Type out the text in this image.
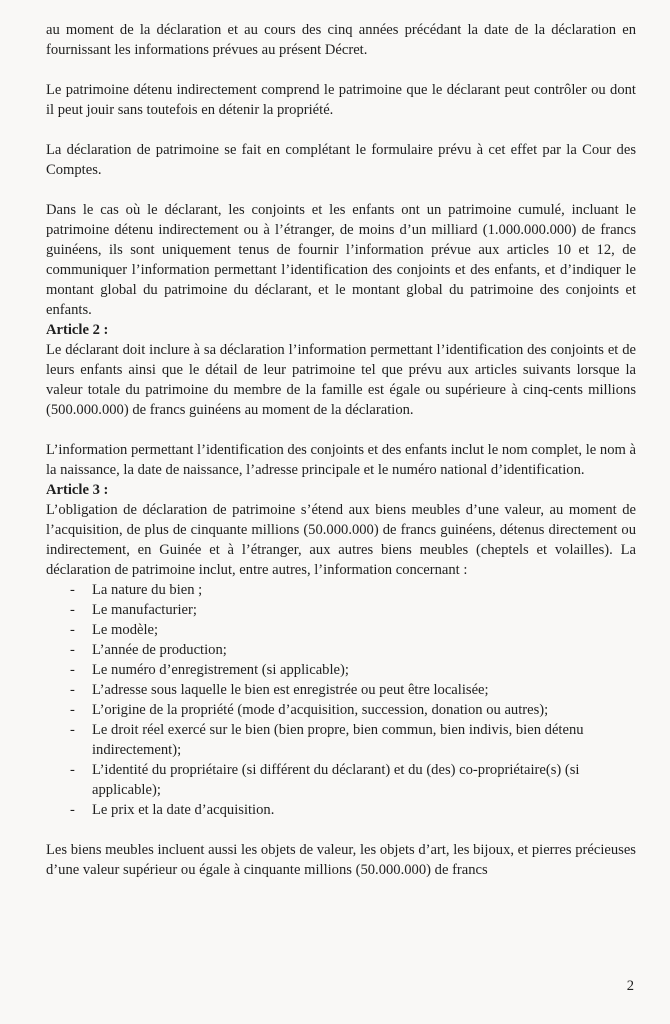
au moment de la déclaration et au cours des cinq années précédant la date de la déclaration en fournissant les informations prévues au présent Décret.

Le patrimoine détenu indirectement comprend le patrimoine que le déclarant peut contrôler ou dont il peut jouir sans toutefois en détenir la propriété.

La déclaration de patrimoine se fait en complétant le formulaire prévu à cet effet par la Cour des Comptes.

Dans le cas où le déclarant, les conjoints et les enfants ont un patrimoine cumulé, incluant le patrimoine détenu indirectement ou à l’étranger, de moins d’un milliard (1.000.000.000) de francs guinéens, ils sont uniquement tenus de fournir l’information prévue aux articles 10 et 12, de communiquer l’information permettant l’identification des conjoints et des enfants, et d’indiquer le montant global du patrimoine du déclarant, et le montant global du patrimoine des conjoints et enfants.

Article 2 :

Le déclarant doit inclure à sa déclaration l’information permettant l’identification des conjoints et de leurs enfants ainsi que le détail de leur patrimoine tel que prévu aux articles suivants lorsque la valeur totale du patrimoine du membre de la famille est égale ou supérieure à cinq-cents millions (500.000.000) de francs guinéens au moment de la déclaration.

L’information permettant l’identification des conjoints et des enfants inclut le nom complet, le nom à la naissance, la date de naissance, l’adresse principale et le numéro national d’identification.

Article 3 :

L’obligation de déclaration de patrimoine s’étend aux biens meubles d’une valeur, au moment de l’acquisition, de plus de cinquante millions (50.000.000) de francs guinéens, détenus directement ou indirectement, en Guinée et à l’étranger, aux autres biens meubles (cheptels et volailles). La déclaration de patrimoine inclut, entre autres, l’information concernant :

- La nature du bien ;
- Le manufacturier;
- Le modèle;
- L’année de production;
- Le numéro d’enregistrement (si applicable);
- L’adresse sous laquelle le bien est enregistrée ou peut être localisée;
- L’origine de la propriété (mode d’acquisition, succession, donation ou autres);
- Le droit réel exercé sur le bien (bien propre, bien commun, bien indivis, bien détenu indirectement);
- L’identité du propriétaire (si différent du déclarant) et du (des) co-propriétaire(s) (si applicable);
- Le prix et la date d’acquisition.

Les biens meubles incluent aussi les objets de valeur, les objets d’art, les bijoux, et pierres précieuses d’une valeur supérieur ou égale à cinquante millions (50.000.000) de francs

2
